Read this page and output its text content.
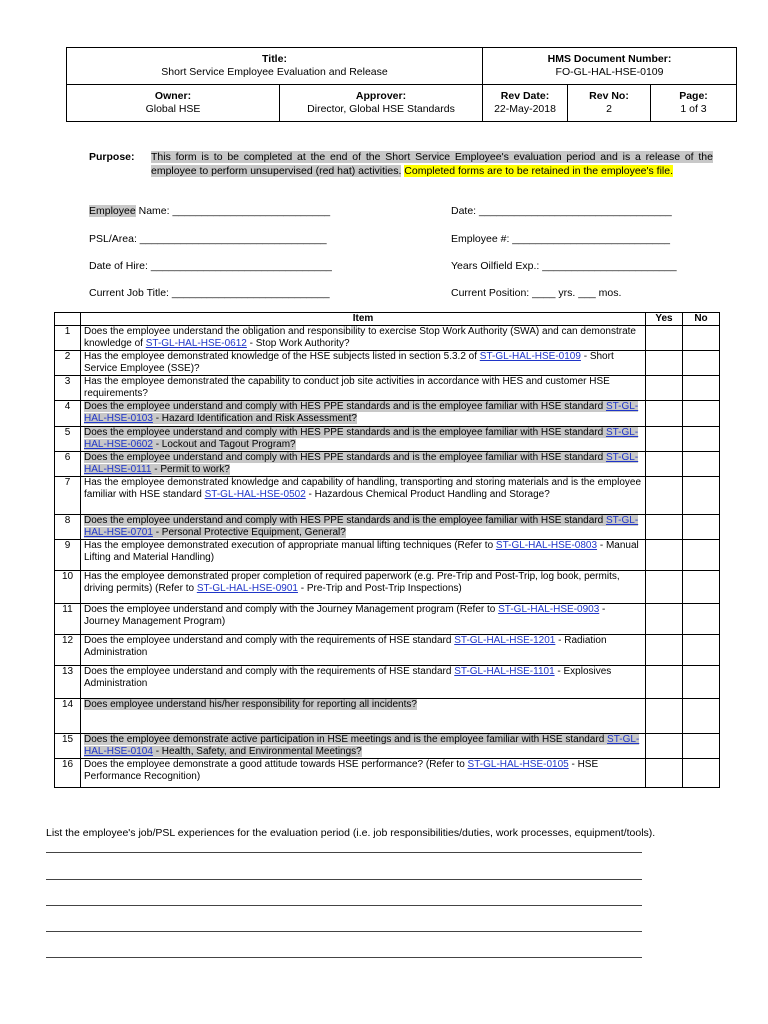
Title:
Short Service Employee Evaluation and Release		HMS Document Number:
FO-GL-HAL-HSE-0109		

Owner:
Global HSE	Approver:
Director, Global HSE Standards	Rev Date:
22-May-2018	Rev No:
2	Page:
1 of 3
Purpose: This form is to be completed at the end of the Short Service Employee's evaluation period and is a release of the employee to perform unsupervised (red hat) activities. Completed forms are to be retained in the employee's file.
Employee Name: ___________________________	Date: _________________________________
PSL/Area: ________________________________	Employee #: ___________________________
Date of Hire: _______________________________	Years Oilfield Exp.: _______________________
Current Job Title: ___________________________	Current Position: ____ yrs. ___ mos.
	Item	Yes	No
1	Does the employee understand the obligation and responsibility to exercise Stop Work Authority (SWA) and can demonstrate knowledge of ST-GL-HAL-HSE-0612 - Stop Work Authority?		
2	Has the employee demonstrated knowledge of the HSE subjects listed in section 5.3.2 of ST-GL-HAL-HSE-0109 - Short Service Employee (SSE)?		
3	Has the employee demonstrated the capability to conduct job site activities in accordance with HES and customer HSE requirements?		
4	Does the employee understand and comply with HES PPE standards and is the employee familiar with HSE standard ST-GL-HAL-HSE-0103 - Hazard Identification and Risk Assessment?		
5	Does the employee understand and comply with HES PPE standards and is the employee familiar with HSE standard ST-GL-HAL-HSE-0602 - Lockout and Tagout Program?		
6	Does the employee understand and comply with HES PPE standards and is the employee familiar with HSE standard ST-GL-HAL-HSE-0111 - Permit to work?		
7	Has the employee demonstrated knowledge and capability of handling, transporting and storing materials and is the employee familiar with HSE standard ST-GL-HAL-HSE-0502 - Hazardous Chemical Product Handling and Storage?		
8	Does the employee understand and comply with HES PPE standards and is the employee familiar with HSE standard ST-GL-HAL-HSE-0701 - Personal Protective Equipment, General?		
9	Has the employee demonstrated execution of appropriate manual lifting techniques (Refer to ST-GL-HAL-HSE-0803 - Manual Lifting and Material Handling)		
10	Has the employee demonstrated proper completion of required paperwork (e.g. Pre-Trip and Post-Trip, log book, permits, driving permits) (Refer to ST-GL-HAL-HSE-0901 - Pre-Trip and Post-Trip Inspections)		
11	Does the employee understand and comply with the Journey Management program (Refer to ST-GL-HAL-HSE-0903 - Journey Management Program)		
12	Does the employee understand and comply with the requirements of HSE standard ST-GL-HAL-HSE-1201 - Radiation Administration		
13	Does the employee understand and comply with the requirements of HSE standard ST-GL-HAL-HSE-1101 - Explosives Administration		
14	Does employee understand his/her responsibility for reporting all incidents?		
15	Does the employee demonstrate active participation in HSE meetings and is the employee familiar with HSE standard ST-GL-HAL-HSE-0104 - Health, Safety, and Environmental Meetings?		
16	Does the employee demonstrate a good attitude towards HSE performance? (Refer to ST-GL-HAL-HSE-0105 - HSE Performance Recognition)		
List the employee's job/PSL experiences for the evaluation period (i.e. job responsibilities/duties, work processes, equipment/tools).
